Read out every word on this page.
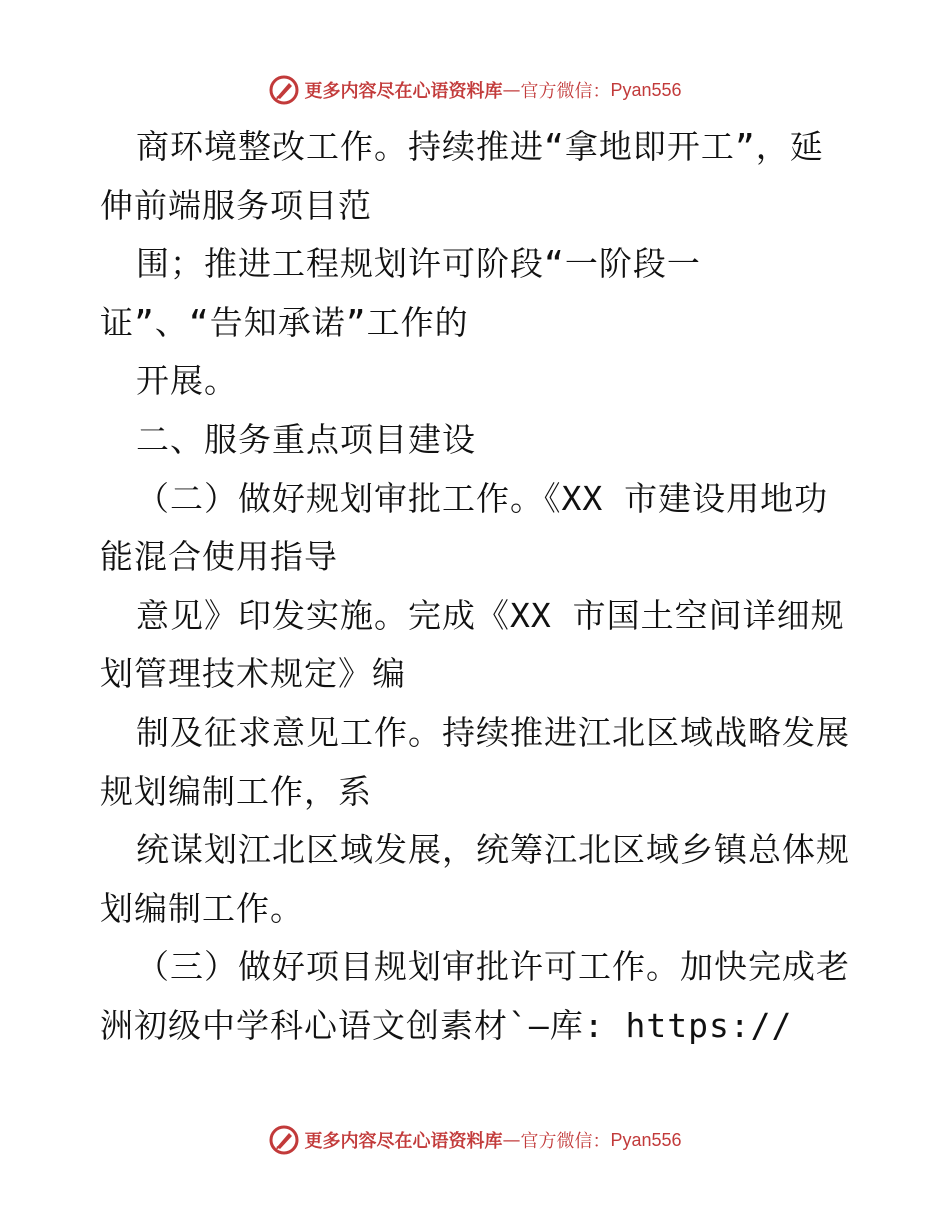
更多内容尽在心语资料库 — 官方微信： Pyan556
商环境整改工作。持续推进“拿地即开工”，延
伸前端服务项目范
围；推进工程规划许可阶段“一阶段一
证”、“告知承诺”工作的
开展。
二、服务重点项目建设
（二）做好规划审批工作。《XX 市建设用地功
能混合使用指导
意见》印发实施。完成《XX 市国土空间详细规
划管理技术规定》编
制及征求意见工作。持续推进江北区域战略发展
规划编制工作，系
统谋划江北区域发展，统筹江北区域乡镇总体规
划编制工作。
（三）做好项目规划审批许可工作。加快完成老
洲初级中学科心语文创素材`—库: https://
更多内容尽在心语资料库 — 官方微信： Pyan556
